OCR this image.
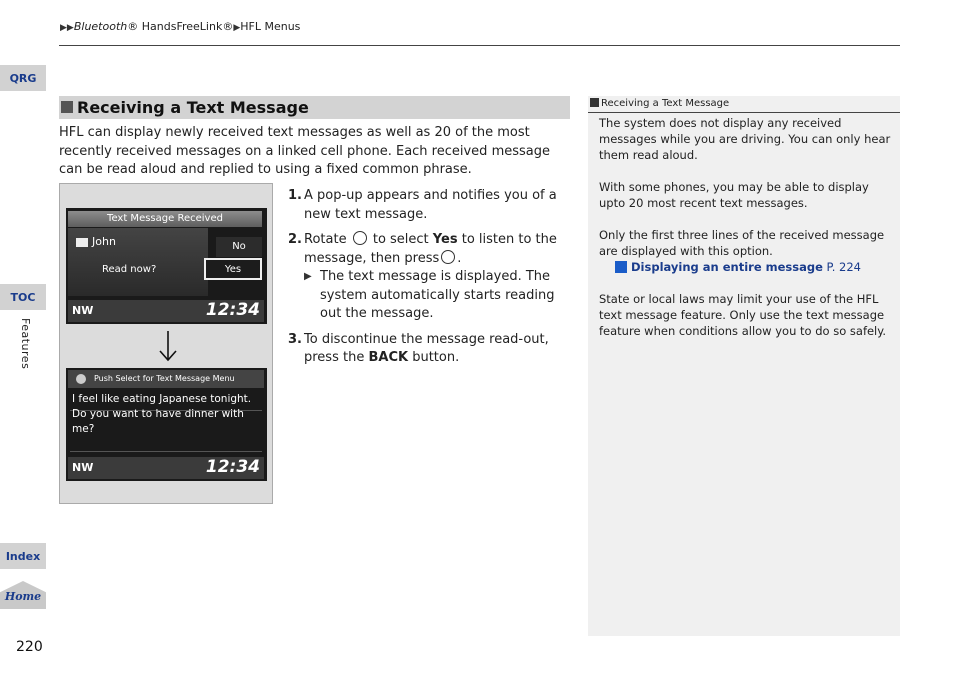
▶▶Bluetooth® HandsFreeLink®▶HFL Menus
QRG
TOC
Features
Index
Home
220
Receiving a Text Message

HFL can display newly received text messages as well as 20 of the most recently received messages on a linked cell phone. Each received message can be read aloud and replied to using a fixed common phrase.

Text Message Received
John
Read now?
No
Yes
NW	12:34
Push Select for Text Message Menu
I feel like eating Japanese tonight. Do you want to have dinner with me?
NW	12:34
1. A pop-up appears and notifies you of a new text message.
2. Rotate to select Yes to listen to the message, then press .
▶ The text message is displayed. The system automatically starts reading out the message.
3. To discontinue the message read-out, press the BACK button.
Receiving a Text Message

The system does not display any received messages while you are driving. You can only hear them read aloud.

With some phones, you may be able to display upto 20 most recent text messages.

Only the first three lines of the received message are displayed with this option.
Displaying an entire message P. 224

State or local laws may limit your use of the HFL text message feature. Only use the text message feature when conditions allow you to do so safely.
